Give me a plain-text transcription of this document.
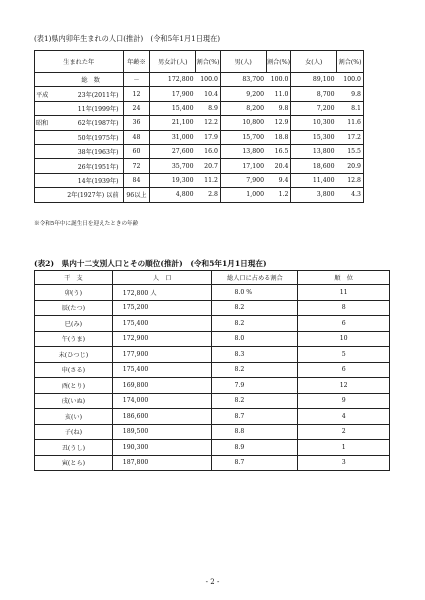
(表1)県内卯年生まれの人口(推計)　(令和5年1月1日現在)
生まれた年		年齢※	男女計(人)	割合(%)	男(人)	割合(%)	女(人)	割合(%)
	総　数	－	172,800	100.0	83,700	100.0	89,100	100.0
平成	23年(2011年)	12	17,900	10.4	9,200	11.0	8,700	9.8
	11年(1999年)	24	15,400	8.9	8,200	9.8	7,200	8.1
昭和	62年(1987年)	36	21,100	12.2	10,800	12.9	10,300	11.6
	50年(1975年)	48	31,000	17.9	15,700	18.8	15,300	17.2
	38年(1963年)	60	27,600	16.0	13,800	16.5	13,800	15.5
	26年(1951年)	72	35,700	20.7	17,100	20.4	18,600	20.9
	14年(1939年)	84	19,300	11.2	7,900	9.4	11,400	12.8
	2年(1927年) 以前	96以上	4,800	2.8	1,000	1.2	3,800	4.3
※令和5年中に誕生日を迎えたときの年齢
(表2)　県内十二支別人口とその順位(推計)　(令和5年1月1日現在)
干　支	人　口	総人口に占める割合	順　位
卯(う)	172,800 人	8.0 %	11
辰(たつ)	175,200	8.2	8
巳(み)	175,400	8.2	6
午(うま)	172,900	8.0	10
未(ひつじ)	177,900	8.3	5
申(さる)	175,400	8.2	6
酉(とり)	169,800	7.9	12
戌(いぬ)	174,000	8.2	9
亥(い)	186,600	8.7	4
子(ね)	189,500	8.8	2
丑(うし)	190,300	8.9	1
寅(とら)	187,800	8.7	3
- 2 -
